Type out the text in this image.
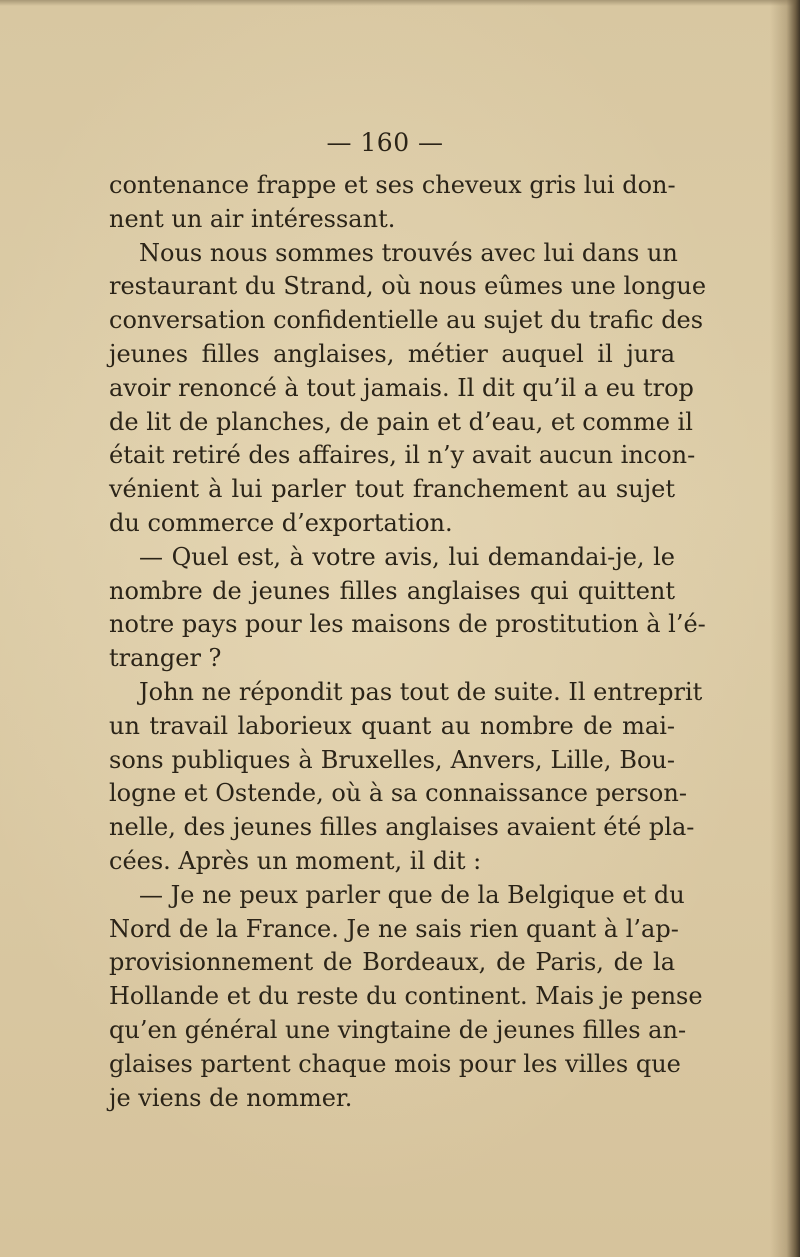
— 160 —
contenance frappe et ses cheveux gris lui don-
nent un air intéressant.
Nous nous sommes trouvés avec lui dans un
restaurant du Strand, où nous eûmes une longue
conversation confidentielle au sujet du trafic des
jeunes filles anglaises, métier auquel il jura
avoir renoncé à tout jamais. Il dit qu’il a eu trop
de lit de planches, de pain et d’eau, et comme il
était retiré des affaires, il n’y avait aucun incon-
vénient à lui parler tout franchement au sujet
du commerce d’exportation.
— Quel est, à votre avis, lui demandai-je, le
nombre de jeunes filles anglaises qui quittent
notre pays pour les maisons de prostitution à l’é-
tranger ?
John ne répondit pas tout de suite. Il entreprit
un travail laborieux quant au nombre de mai-
sons publiques à Bruxelles, Anvers, Lille, Bou-
logne et Ostende, où à sa connaissance person-
nelle, des jeunes filles anglaises avaient été pla-
cées. Après un moment, il dit :
— Je ne peux parler que de la Belgique et du
Nord de la France. Je ne sais rien quant à l’ap-
provisionnement de Bordeaux, de Paris, de la
Hollande et du reste du continent. Mais je pense
qu’en général une vingtaine de jeunes filles an-
glaises partent chaque mois pour les villes que
je viens de nommer.
